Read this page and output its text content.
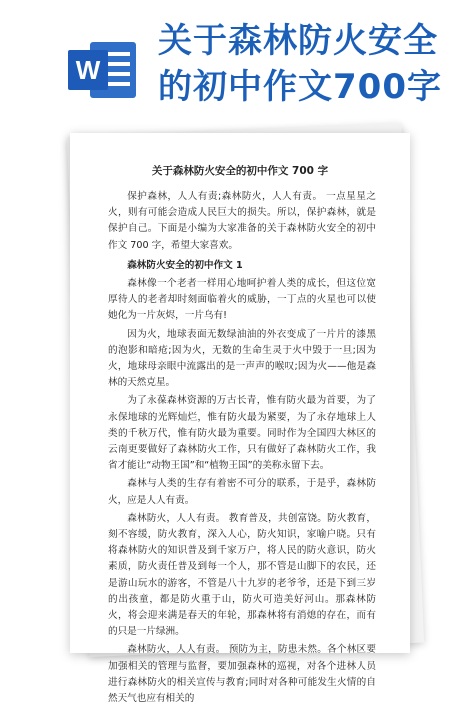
W
关于森林防火安全
的初中作文700字
关于森林防火安全的初中作文 700 字

保护森林，人人有责;森林防火，人人有责。 一点星星之火，则有可能会造成人民巨大的损失。所以，保护森林，就是保护自己。下面是小编为大家准备的关于森林防火安全的初中作文 700 字，希望大家喜欢。

森林防火安全的初中作文 1

森林像一个老者一样用心地呵护着人类的成长，但这位宽厚待人的老者却时刻面临着火的威胁，一丁点的火星也可以使她化为一片灰烬，一片乌有!

因为火，地球表面无数绿油油的外衣变成了一片片的漆黑的泡影和暗疮;因为火，无数的生命生灵于火中毁于一旦;因为火，地球母亲眼中流露出的是一声声的喉叹;因为火——他是森林的天然克星。

为了永葆森林资源的万古长青，惟有防火最为首要，为了永保地球的光辉灿烂，惟有防火最为紧要，为了永存地球上人类的千秋万代，惟有防火最为重要。同时作为全国四大林区的云南更要做好了森林防火工作，只有做好了森林防火工作，我省才能让“动物王国”和“植物王国”的美称永留下去。

森林与人类的生存有着密不可分的联系，于是乎，森林防火，应是人人有责。

森林防火，人人有责。 教育普及，共创富饶。防火教育，刻不容缓，防火教育，深入人心，防火知识，家喻户晓。只有将森林防火的知识普及到千家万户，将人民的防火意识，防火素质，防火责任普及到每一个人，那不管是山脚下的农民，还是游山玩水的游客，不管是八十九岁的老爷爷，还是下到三岁的出孩童，都是防火重于山，防火可造美好河山。那森林防火，将会迎来满是春天的年轮，那森林将有消熄的存在，而有的只是一片绿洲。

森林防火，人人有责。 预防为主，防患未然。各个林区要加强相关的管理与监督，要加强森林的巡视，对各个进林人员进行森林防火的相关宣传与教育;同时对各种可能发生火情的自然天气也应有相关的
